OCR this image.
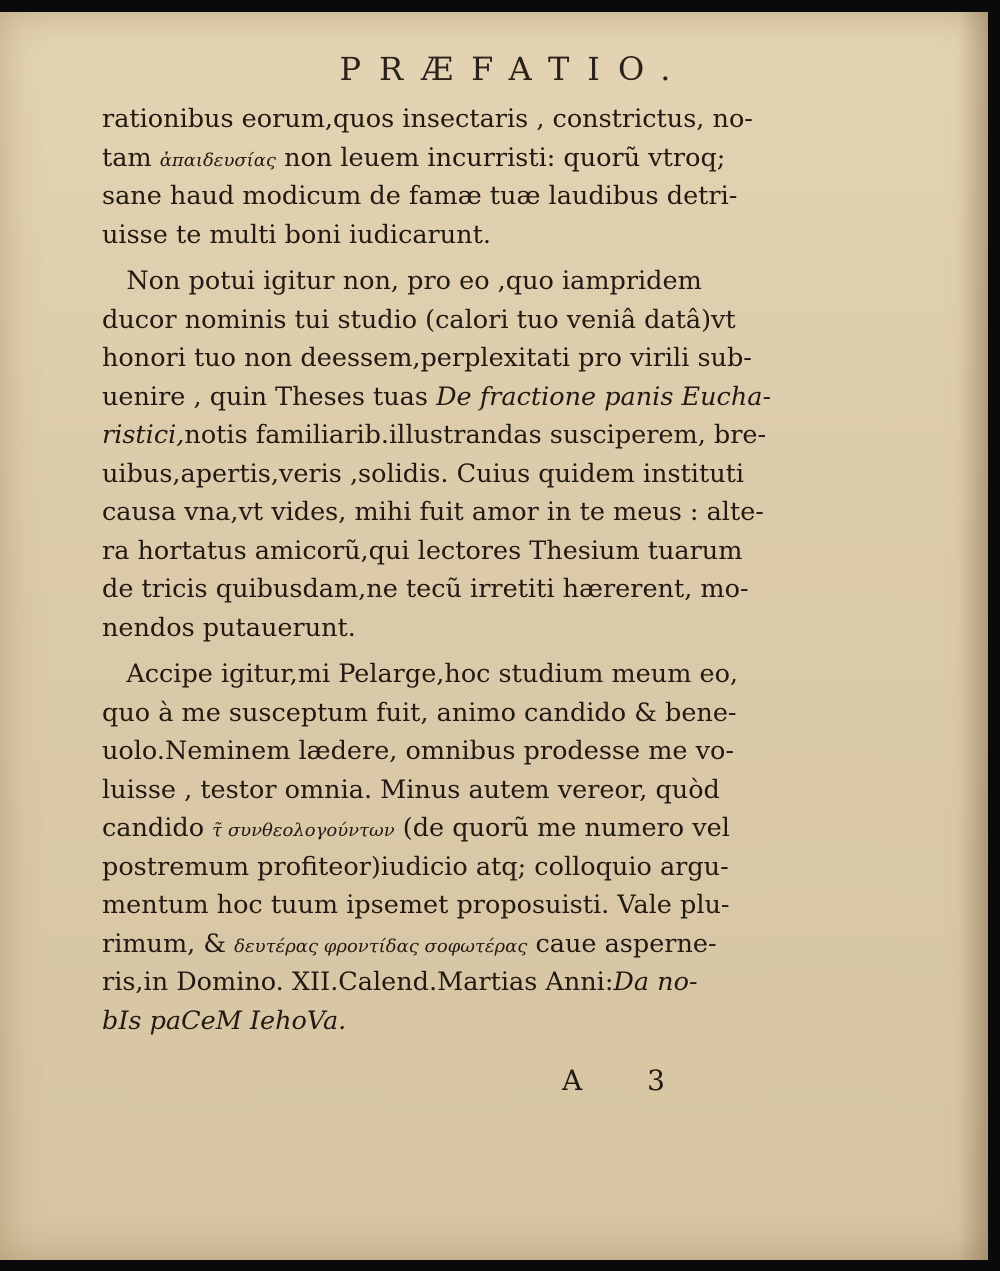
PRÆFATIO.
rationibus eorum,quos insectaris , constrictus, no-
tam ἀπαιδευσίας non leuem incurristi: quorũ vtroq;
sane haud modicum de famæ tuæ laudibus detri-
uisse te multi boni iudicarunt.
Non potui igitur non, pro eo ,quo iampridem
ducor nominis tui studio (calori tuo veniâ datâ)vt
honori tuo non deessem,perplexitati pro virili sub-
uenire , quin Theses tuas De fractione panis Eucha-
ristici,notis familiarib.illustrandas susciperem, bre-
uibus,apertis,veris ,solidis. Cuius quidem instituti
causa vna,vt vides, mihi fuit amor in te meus : alte-
ra hortatus amicorũ,qui lectores Thesium tuarum
de tricis quibusdam,ne tecũ irretiti hærerent, mo-
nendos putauerunt.
Accipe igitur,mi Pelarge,hoc studium meum eo,
quo à me susceptum fuit, animo candido & bene-
uolo.Neminem lædere, omnibus prodesse me vo-
luisse , testor omnia. Minus autem vereor, quòd
candido τ̃ συνθεολογούντων (de quorũ me numero vel
postremum profiteor)iudicio atq; colloquio argu-
mentum hoc tuum ipsemet proposuisti. Vale plu-
rimum, & δευτέρας φροντίδας σοφωτέρας caue asperne-
ris,in Domino. XII.Calend.Martias Anni:Da no-
bIs paCeM IehoVa.
A 3
